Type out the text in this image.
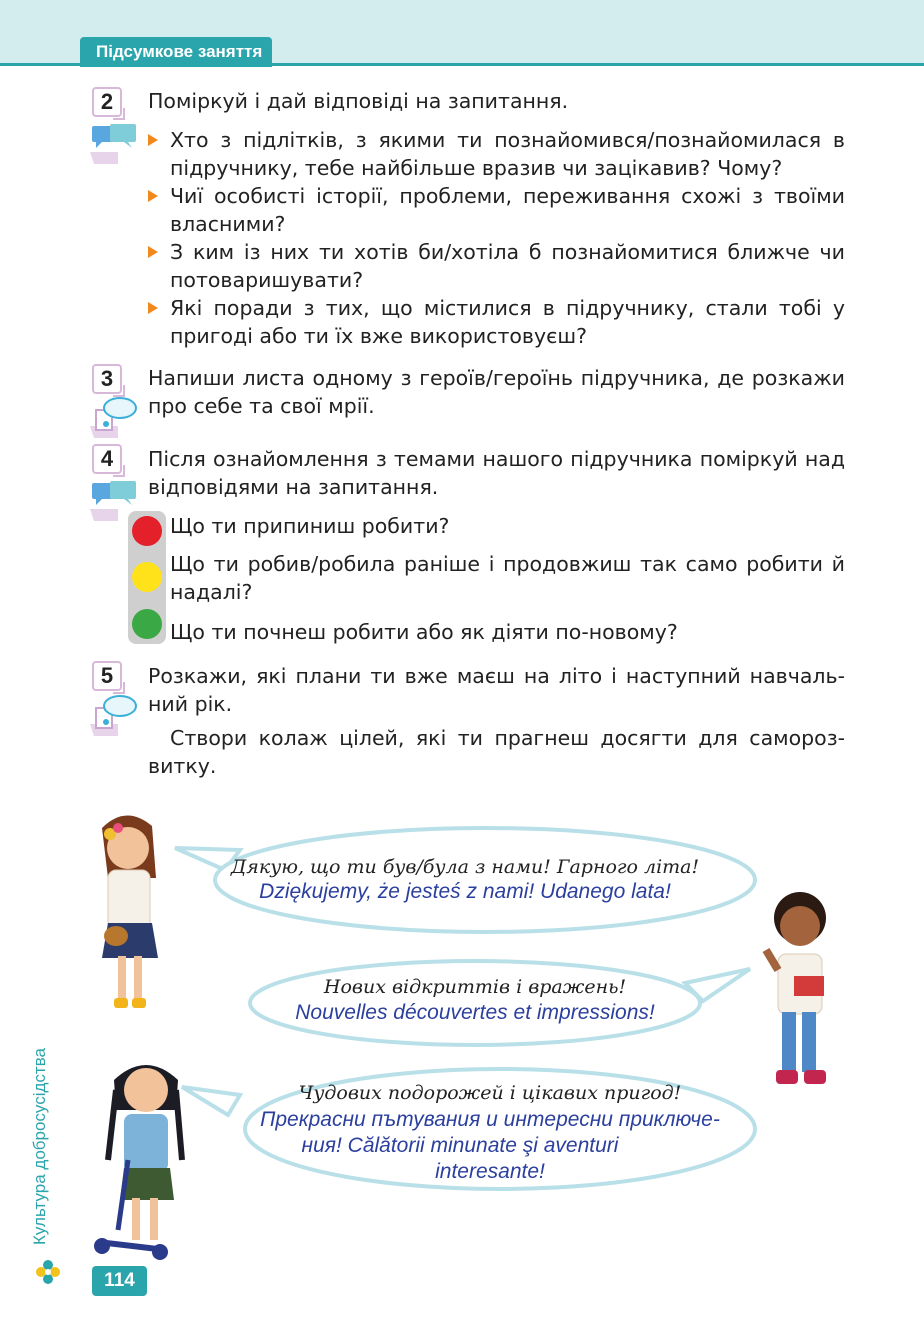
Підсумкове заняття
2	Поміркуй і дай відповіді на запитання.
Хто з підлітків, з якими ти познайомився/познайомилася в підручнику, тебе найбільше вразив чи зацікавив? Чому?
Чиї особисті історії, проблеми, переживання схожі з твоїми власними?
З ким із них ти хотів би/хотіла б познайомитися ближче чи потоваришувати?
Які поради з тих, що містилися в підручнику, стали тобі у пригоді або ти їх вже використовуєш?
3	Напиши листа одному з героїв/героїнь підручника, де розкажи про себе та свої мрії.
4	Після ознайомлення з темами нашого підручника поміркуй над відповідями на запитання.
Що ти припиниш робити?
Що ти робив/робила раніше і продовжиш так само робити й надалі?
Що ти почнеш робити або як діяти по-новому?
5	Розкажи, які плани ти вже маєш на літо і наступний навчаль-ний рік.
Створи колаж цілей, які ти прагнеш досягти для самороз-витку.
Дякую, що ти був/була з нами! Гарного літа!
Dziękujemy, że jesteś z nami! Udanego lata!
Нових відкриттів і вражень!
Nouvelles découvertes et impressions!
Чудових подорожей і цікавих пригод!
Прекрасни пътувания и интересни приключе-
ния! Călătorii minunate şi aventuri
interesante!
Культура добросусідства
114
